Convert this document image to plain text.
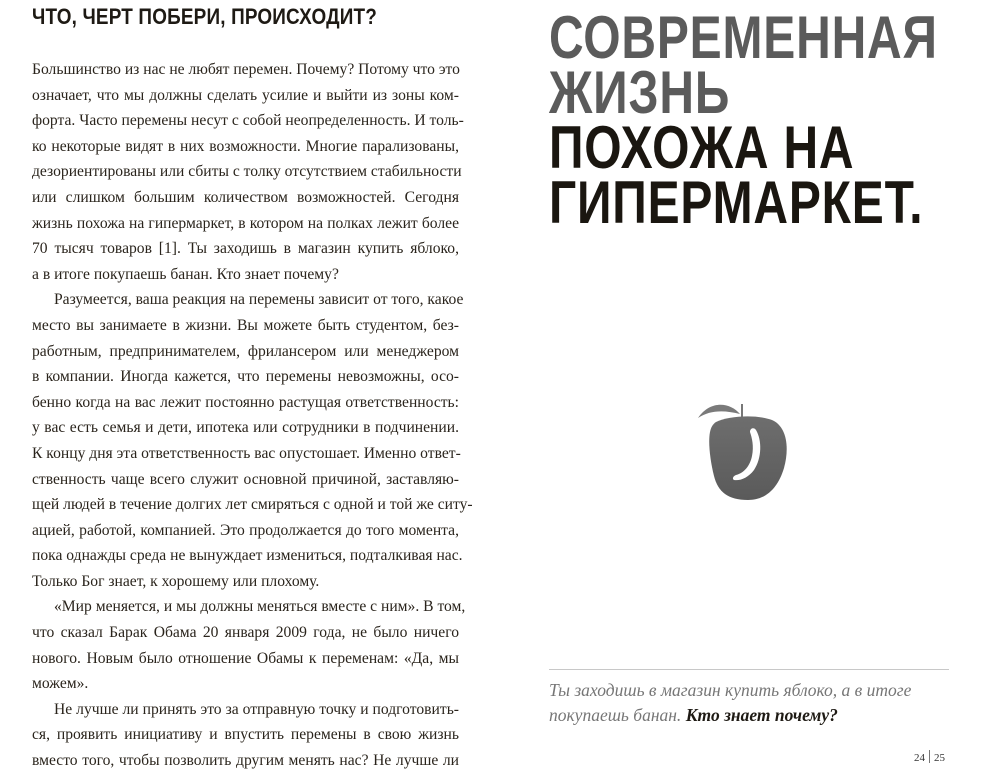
ЧТО, ЧЕРТ ПОБЕРИ, ПРОИСХОДИТ?
Большинство из нас не любят перемен. Почему? Потому что это
означает, что мы должны сделать усилие и выйти из зоны ком-
форта. Часто перемены несут с собой неопределенность. И толь-
ко некоторые видят в них возможности. Многие парализованы,
дезориентированы или сбиты с толку отсутствием стабильности
или слишком большим количеством возможностей. Сегодня
жизнь похожа на гипермаркет, в котором на полках лежит более
70 тысяч товаров [1]. Ты заходишь в магазин купить яблоко,
а в итоге покупаешь банан. Кто знает почему?
Разумеется, ваша реакция на перемены зависит от того, какое
место вы занимаете в жизни. Вы можете быть студентом, без-
работным, предпринимателем, фрилансером или менеджером
в компании. Иногда кажется, что перемены невозможны, осо-
бенно когда на вас лежит постоянно растущая ответственность:
у вас есть семья и дети, ипотека или сотрудники в подчинении.
К концу дня эта ответственность вас опустошает. Именно ответ-
ственность чаще всего служит основной причиной, заставляю-
щей людей в течение долгих лет смиряться с одной и той же ситу-
ацией, работой, компанией. Это продолжается до того момента,
пока однажды среда не вынуждает измениться, подталкивая нас.
Только Бог знает, к хорошему или плохому.
«Мир меняется, и мы должны меняться вместе с ним». В том,
что сказал Барак Обама 20 января 2009 года, не было ничего
нового. Новым было отношение Обамы к переменам: «Да, мы
можем».
Не лучше ли принять это за отправную точку и подготовить-
ся, проявить инициативу и впустить перемены в свою жизнь
вместо того, чтобы позволить другим менять нас? Не лучше ли
СОВРЕМЕННАЯ
ЖИЗНЬ
ПОХОЖА НА
ГИПЕРМАРКЕТ.
Ты заходишь в магазин купить яблоко, а в итоге покупаешь банан. Кто знает почему?
24 25
